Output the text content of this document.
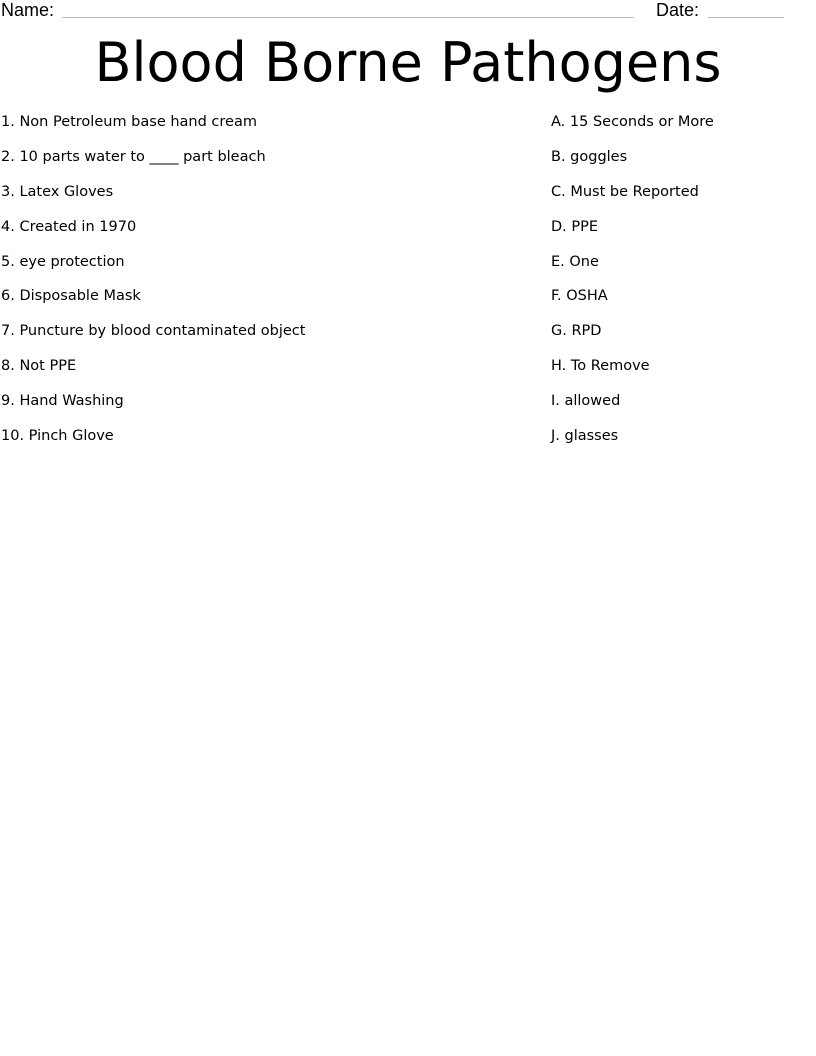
Name:	Date:
Blood Borne Pathogens
1. Non Petroleum base hand cream
2. 10 parts water to ____ part bleach
3. Latex Gloves
4. Created in 1970
5. eye protection
6. Disposable Mask
7. Puncture by blood contaminated object
8. Not PPE
9. Hand Washing
10. Pinch Glove
A. 15 Seconds or More
B. goggles
C. Must be Reported
D. PPE
E. One
F. OSHA
G. RPD
H. To Remove
I. allowed
J. glasses
